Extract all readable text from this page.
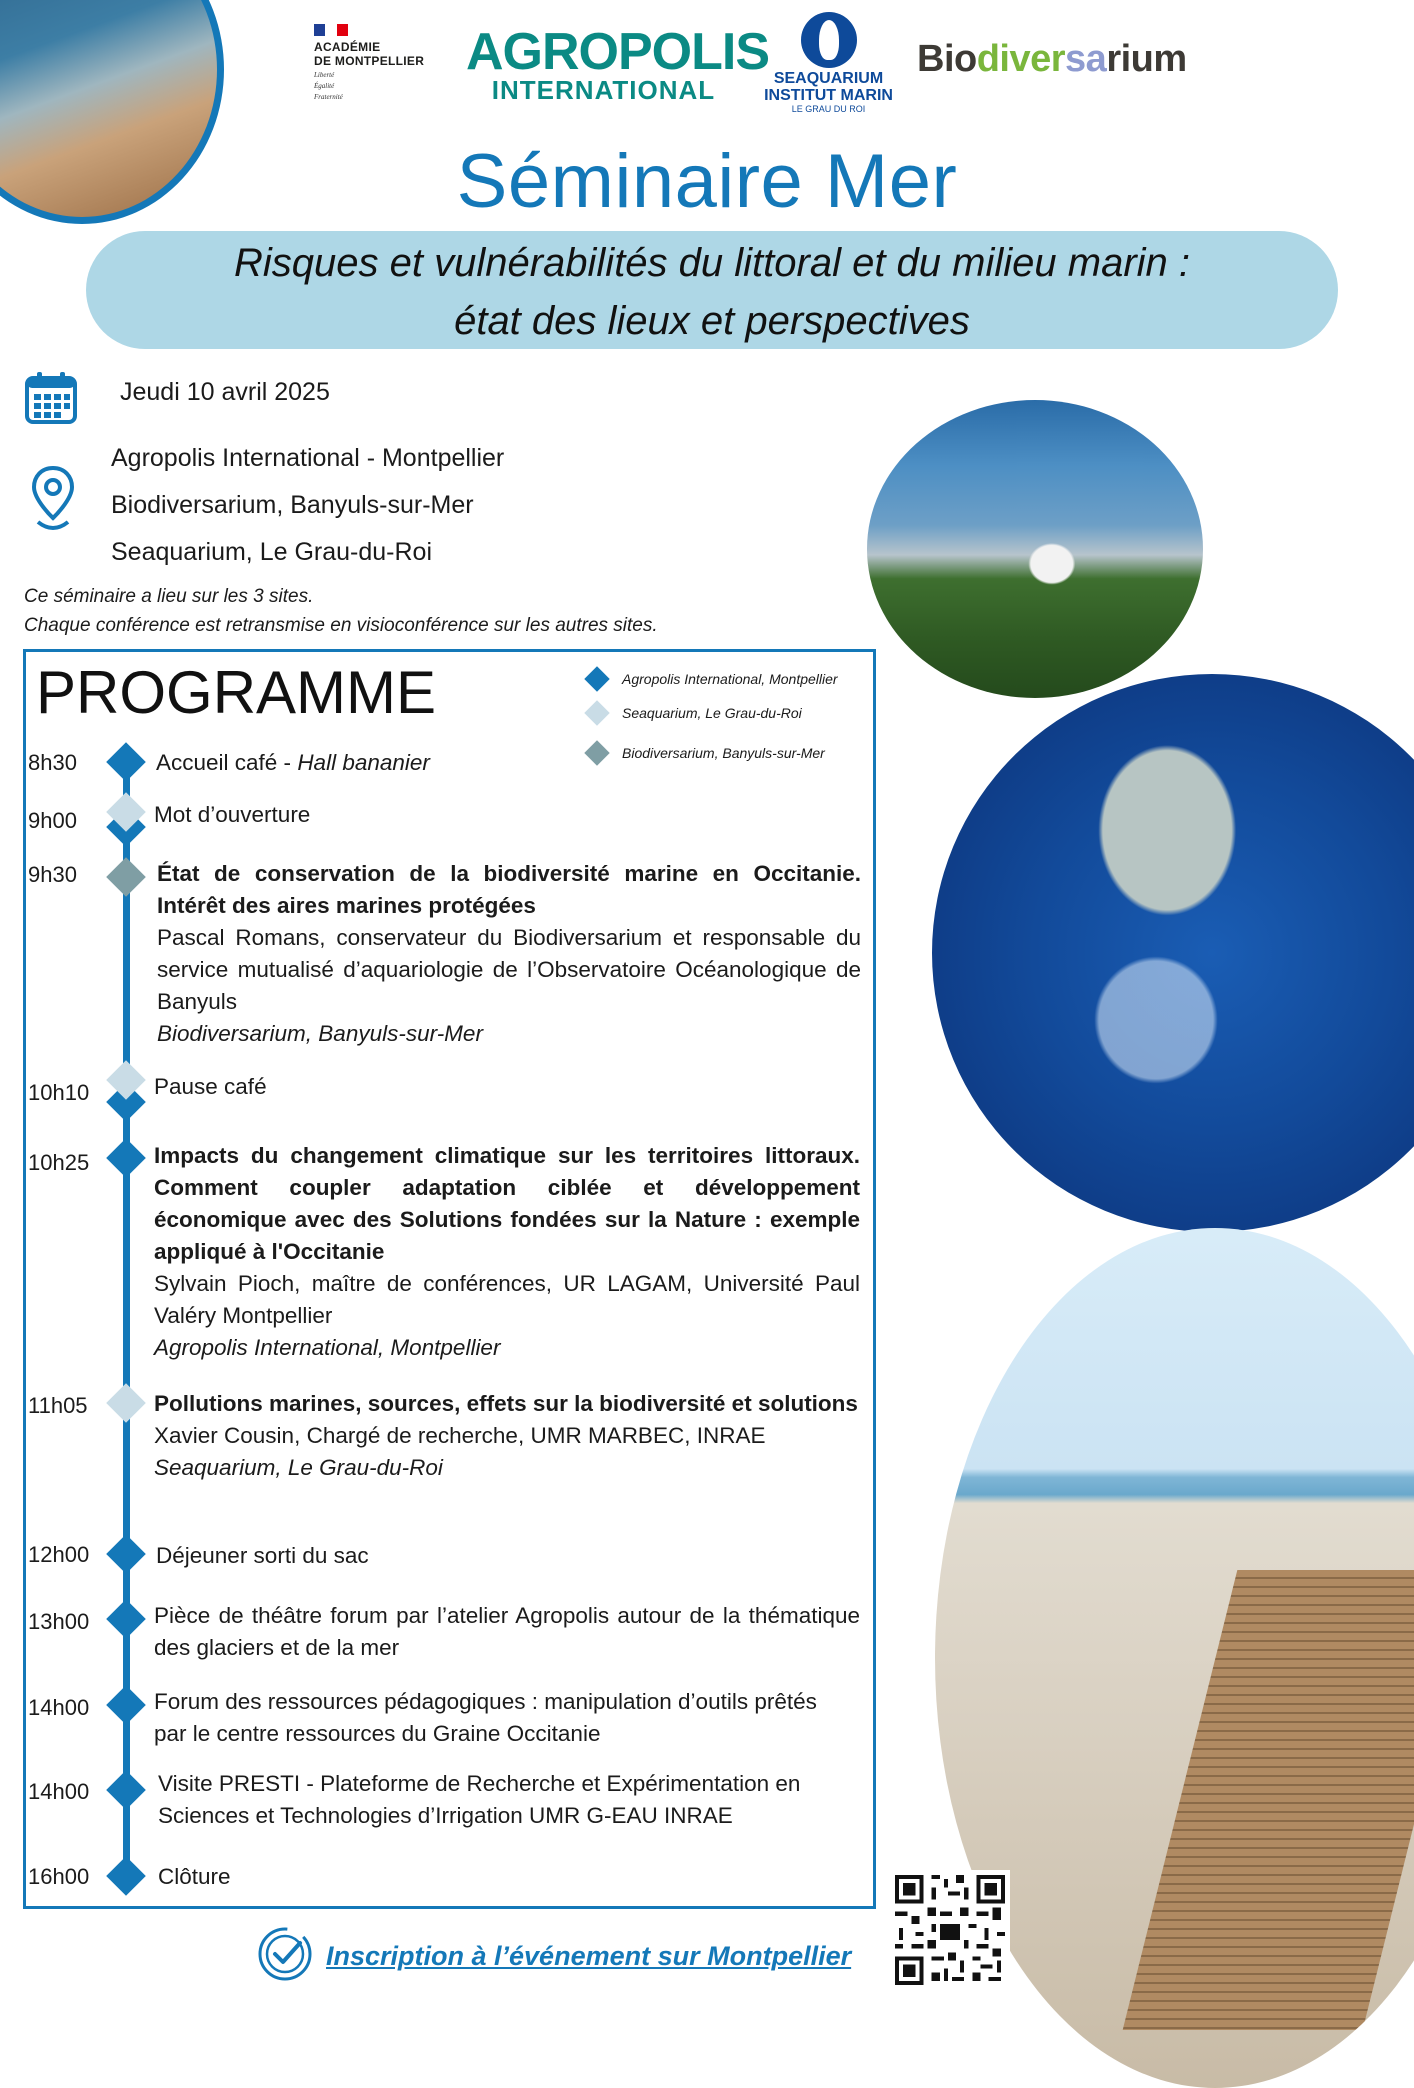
ACADÉMIE
DE MONTPELLIER
Liberté
Égalité
Fraternité
AGROPOLIS
INTERNATIONAL	SEAQUARIUM
INSTITUT MARIN
LE GRAU DU ROI
Biodiversarium
Séminaire Mer
Risques et vulnérabilités du littoral et du milieu marin :
état des lieux et perspectives
Jeudi 10 avril 2025
Agropolis International - Montpellier
Biodiversarium, Banyuls-sur-Mer
Seaquarium, Le Grau-du-Roi
Ce séminaire a lieu sur les 3 sites.
Chaque conférence est retransmise en visioconférence sur les autres sites.
PROGRAMME	Agropolis International, Montpellier
Seaquarium, Le Grau-du-Roi
Biodiversarium, Banyuls-sur-Mer
8h30
9h00
9h30
10h10
10h25
11h05
12h00
13h00
14h00
14h00
16h00
Accueil café - Hall bananier
Mot d’ouverture
État de conservation de la biodiversité marine en Occitanie. Intérêt des aires marines protégées
Pascal Romans, conservateur du Biodiversarium et responsable du service mutualisé d’aquariologie de l’Observatoire Océanologique de Banyuls
Biodiversarium, Banyuls-sur-Mer
Pause café
Impacts du changement climatique sur les territoires littoraux. Comment coupler adaptation ciblée et développement économique avec des Solutions fondées sur la Nature : exemple appliqué à l'Occitanie
Sylvain Pioch, maître de conférences, UR LAGAM, Université Paul Valéry Montpellier
Agropolis International, Montpellier
Pollutions marines, sources, effets sur la biodiversité et solutions
Xavier Cousin, Chargé de recherche, UMR MARBEC, INRAE
Seaquarium, Le Grau-du-Roi
Déjeuner sorti du sac
Pièce de théâtre forum par l’atelier Agropolis autour de la thématique des glaciers et de la mer
Forum des ressources pédagogiques : manipulation d’outils prêtés par le centre ressources du Graine Occitanie
Visite PRESTI - Plateforme de Recherche et Expérimentation en Sciences et Technologies d’Irrigation UMR G-EAU INRAE
Clôture
Inscription à l’événement sur Montpellier
